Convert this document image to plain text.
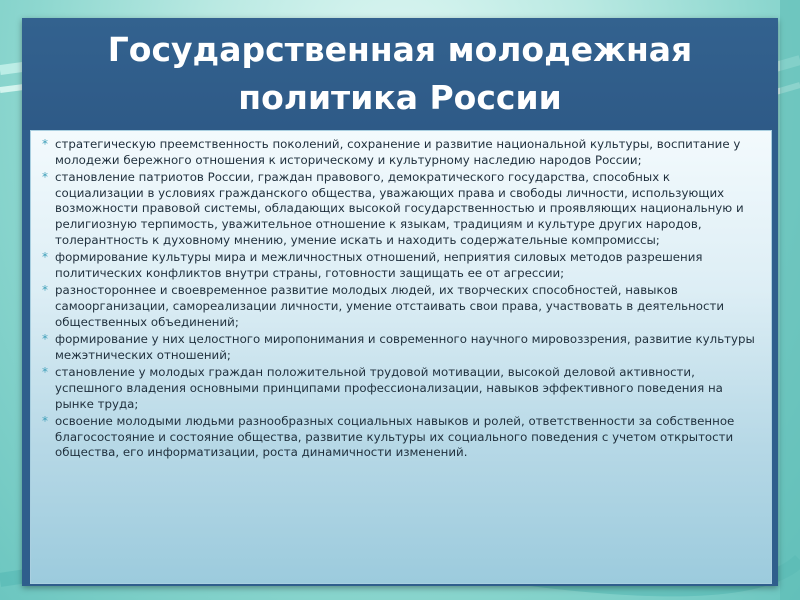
Государственная молодежная политика России
* стратегическую преемственность поколений, сохранение и развитие национальной культуры, воспитание у молодежи бережного отношения к историческому и культурному наследию народов России;
* становление патриотов России, граждан правового, демократического государства, способных к социализации в условиях гражданского общества, уважающих права и свободы личности, использующих возможности правовой системы, обладающих высокой государственностью и проявляющих национальную и религиозную терпимость, уважительное отношение к языкам, традициям и культуре других народов, толерантность к духовному мнению, умение искать и находить содержательные компромиссы;
* формирование культуры мира и межличностных отношений, неприятия силовых методов разрешения политических конфликтов внутри страны, готовности защищать ее от агрессии;
* разностороннее и своевременное развитие молодых людей, их творческих способностей, навыков самоорганизации, самореализации личности, умение отстаивать свои права, участвовать в деятельности общественных объединений;
* формирование у них целостного миропонимания и современного научного мировоззрения, развитие культуры межэтнических отношений;
* становление у молодых граждан положительной трудовой мотивации, высокой деловой активности, успешного владения основными принципами профессионализации, навыков эффективного поведения на рынке труда;
* освоение молодыми людьми разнообразных социальных навыков и ролей, ответственности за собственное благосостояние и состояние общества, развитие культуры их социального поведения с учетом открытости общества, его информатизации, роста динамичности изменений.
